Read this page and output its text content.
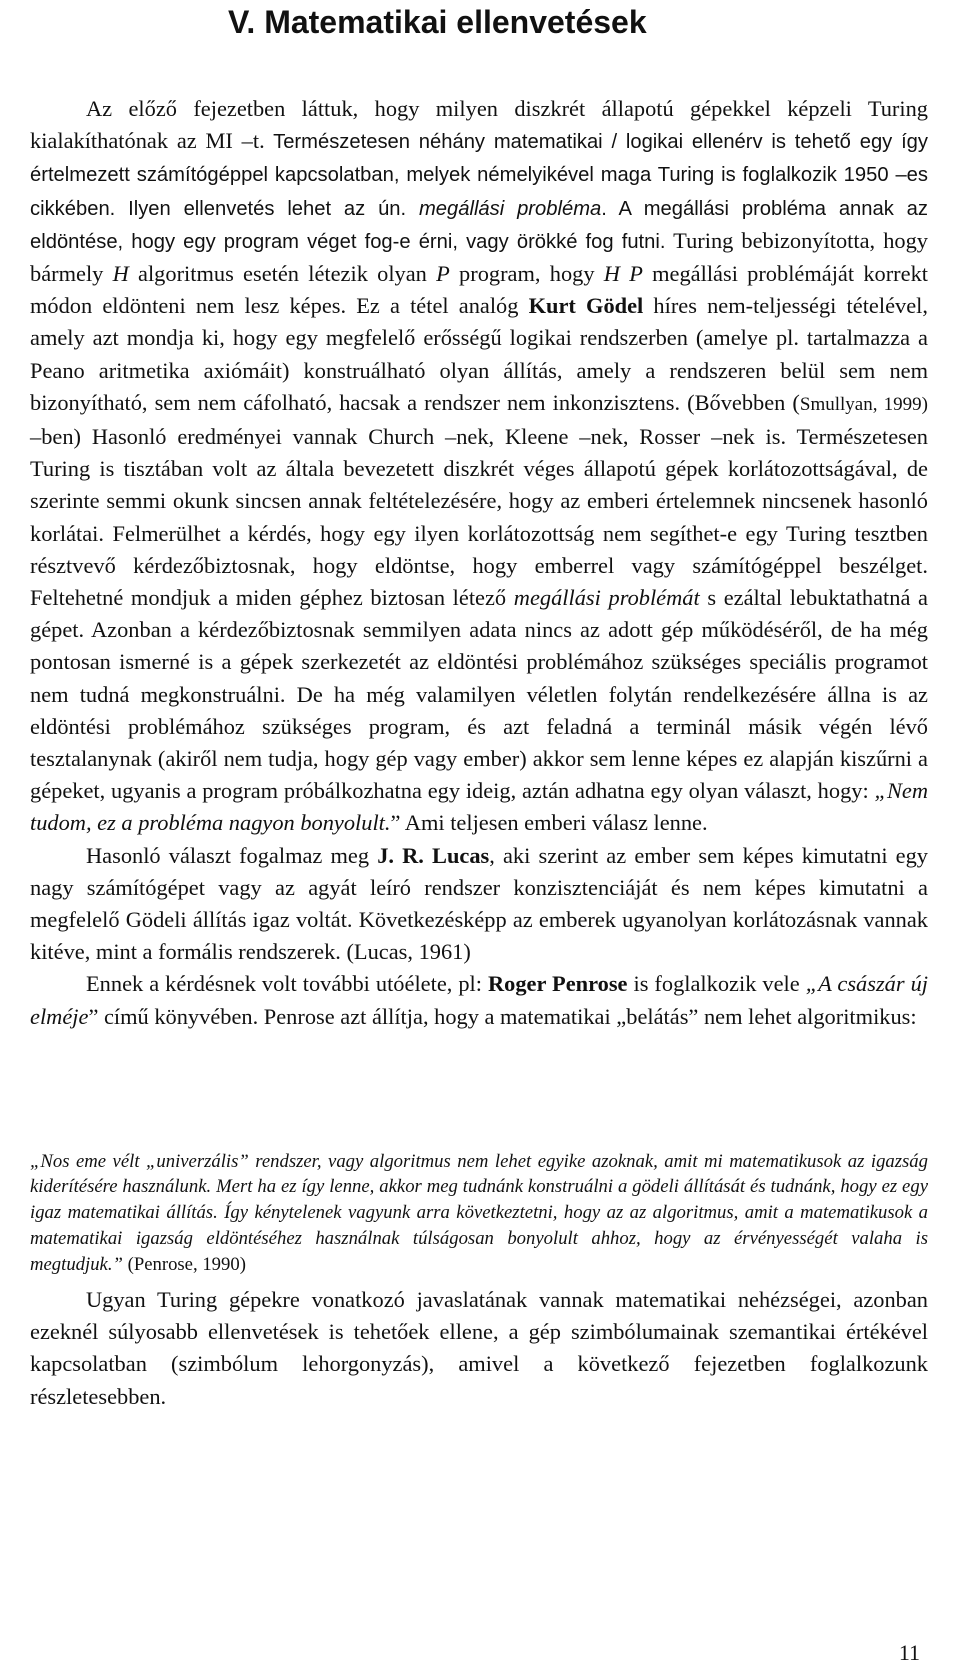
V. Matematikai ellenvetések

Az előző fejezetben láttuk, hogy milyen diszkrét állapotú gépekkel képzeli Turing kialakíthatónak az MI –t. Természetesen néhány matematikai / logikai ellenérv is tehető egy így értelmezett számítógéppel kapcsolatban, melyek némelyikével maga Turing is foglalkozik 1950 –es cikkében. Ilyen ellenvetés lehet az ún. megállási probléma. A megállási probléma annak az eldöntése, hogy egy program véget fog-e érni, vagy örökké fog futni. Turing bebizonyította, hogy bármely H algoritmus esetén létezik olyan P program, hogy H P megállási problémáját korrekt módon eldönteni nem lesz képes. Ez a tétel analóg Kurt Gödel híres nem-teljességi tételével, amely azt mondja ki, hogy egy megfelelő erősségű logikai rendszerben (amelye pl. tartalmazza a Peano aritmetika axiómáit) konstruálható olyan állítás, amely a rendszeren belül sem nem bizonyítható, sem nem cáfolható, hacsak a rendszer nem inkonzisztens. (Bővebben (Smullyan, 1999) –ben) Hasonló eredményei vannak Church –nek, Kleene –nek, Rosser –nek is. Természetesen Turing is tisztában volt az általa bevezetett diszkrét véges állapotú gépek korlátozottságával, de szerinte semmi okunk sincsen annak feltételezésére, hogy az emberi értelemnek nincsenek hasonló korlátai. Felmerülhet a kérdés, hogy egy ilyen korlátozottság nem segíthet-e egy Turing tesztben résztvevő kérdezőbiztosnak, hogy eldöntse, hogy emberrel vagy számítógéppel beszélget. Feltehetné mondjuk a miden géphez biztosan létező megállási problémát s ezáltal lebuktathatná a gépet. Azonban a kérdezőbiztosnak semmilyen adata nincs az adott gép működéséről, de ha még pontosan ismerné is a gépek szerkezetét az eldöntési problémához szükséges speciális programot nem tudná megkonstruálni. De ha még valamilyen véletlen folytán rendelkezésére állna is az eldöntési problémához szükséges program, és azt feladná a terminál másik végén lévő tesztalanynak (akiről nem tudja, hogy gép vagy ember) akkor sem lenne képes ez alapján kiszűrni a gépeket, ugyanis a program próbálkozhatna egy ideig, aztán adhatna egy olyan választ, hogy: „Nem tudom, ez a probléma nagyon bonyolult.” Ami teljesen emberi válasz lenne.

Hasonló választ fogalmaz meg J. R. Lucas, aki szerint az ember sem képes kimutatni egy nagy számítógépet vagy az agyát leíró rendszer konzisztenciáját és nem képes kimutatni a megfelelő Gödeli állítás igaz voltát. Következésképp az emberek ugyanolyan korlátozásnak vannak kitéve, mint a formális rendszerek. (Lucas, 1961)

Ennek a kérdésnek volt további utóélete, pl: Roger Penrose is foglalkozik vele „A császár új elméje” című könyvében. Penrose azt állítja, hogy a matematikai „belátás” nem lehet algoritmikus:

„Nos eme vélt „univerzális” rendszer, vagy algoritmus nem lehet egyike azoknak, amit mi matematikusok az igazság kiderítésére használunk. Mert ha ez így lenne, akkor meg tudnánk konstruálni a gödeli állítását és tudnánk, hogy ez egy igaz matematikai állítás. Így kénytelenek vagyunk arra következtetni, hogy az az algoritmus, amit a matematikusok a matematikai igazság eldöntéséhez használnak túlságosan bonyolult ahhoz, hogy az érvényességét valaha is megtudjuk.” (Penrose, 1990)

Ugyan Turing gépekre vonatkozó javaslatának vannak matematikai nehézségei, azonban ezeknél súlyosabb ellenvetések is tehetőek ellene, a gép szimbólumainak szemantikai értékével kapcsolatban (szimbólum lehorgonyzás), amivel a következő fejezetben foglalkozunk részletesebben.

11
